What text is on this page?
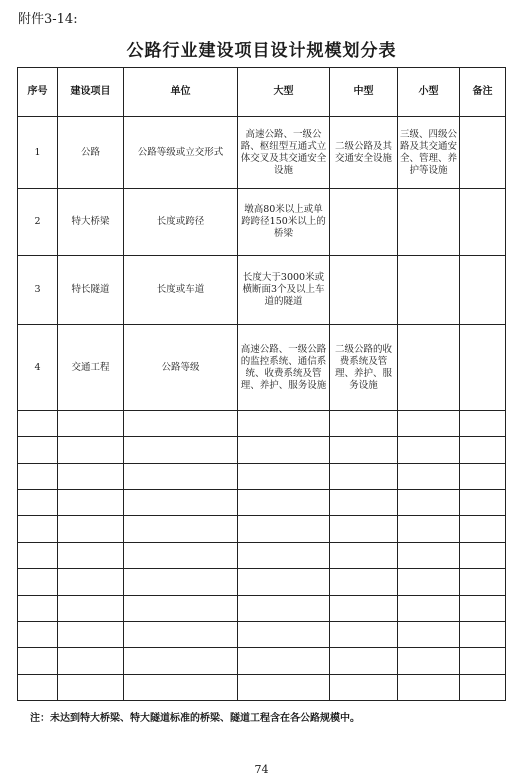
附件3-14:
公路行业建设项目设计规模划分表
序号	建设项目	单位	大型	中型	小型	备注
1	公路	公路等级或立交形式	高速公路、一级公路、枢纽型互通式立体交叉及其交通安全设施	二级公路及其交通安全设施	三级、四级公路及其交通安全、管理、养护等设施	
2	特大桥梁	长度或跨径	墩高80米以上或单跨跨径150米以上的桥梁			
3	特长隧道	长度或车道	长度大于3000米或横断面3个及以上车道的隧道			
4	交通工程	公路等级	高速公路、一级公路的监控系统、通信系统、收费系统及管理、养护、服务设施	二级公路的收费系统及管理、养护、服务设施		

注：未达到特大桥梁、特大隧道标准的桥梁、隧道工程含在各公路规模中。
74
